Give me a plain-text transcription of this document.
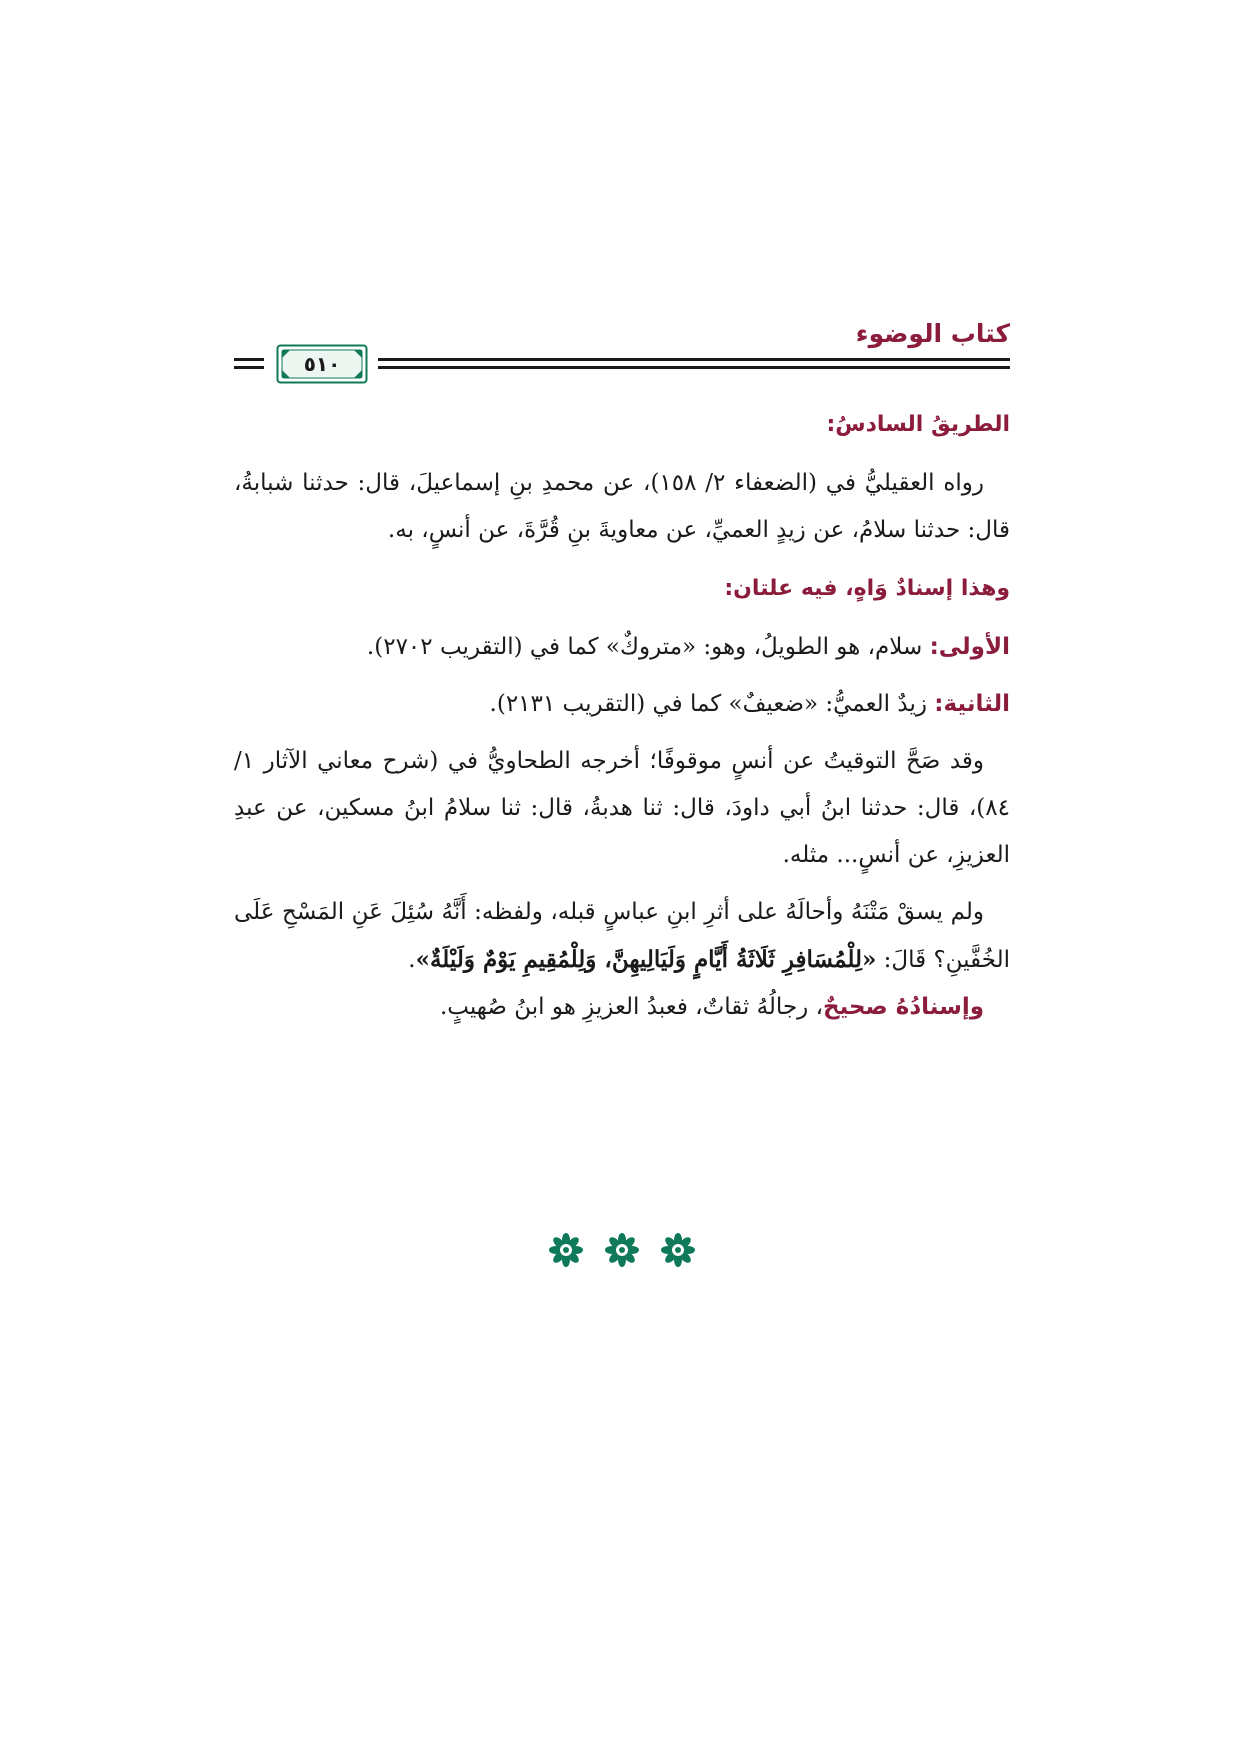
كتاب الوضوء
٥١٠

الطريقُ السادسُ:

رواه العقيليُّ في (الضعفاء ٢/ ١٥٨)، عن محمدِ بنِ إسماعيلَ، قال: حدثنا شبابةُ، قال: حدثنا سلامُ، عن زيدٍ العميِّ، عن معاويةَ بنِ قُرَّةَ، عن أنسٍ، به.

وهذا إسنادٌ وَاهٍ، فيه علتان:

الأولى: سلام، هو الطويلُ، وهو: «متروكٌ» كما في (التقريب ٢٧٠٢).

الثانية: زيدٌ العميُّ: «ضعيفٌ» كما في (التقريب ٢١٣١).

وقد صَحَّ التوقيتُ عن أنسٍ موقوفًا؛ أخرجه الطحاويُّ في (شرح معاني الآثار ١/ ٨٤)، قال: حدثنا ابنُ أبي داودَ، قال: ثنا هدبةُ، قال: ثنا سلامُ ابنُ مسكين، عن عبدِ العزيزِ، عن أنسٍ... مثله.

ولم يسقْ مَتْنَهُ وأحالَهُ على أثرِ ابنِ عباسٍ قبله، ولفظه: أَنَّهُ سُئِلَ عَنِ المَسْحِ عَلَى الخُفَّينِ؟ قَالَ: «لِلْمُسَافِرِ ثَلَاثَةُ أَيَّامٍ وَلَيَالِيهِنَّ، وَلِلْمُقِيمِ يَوْمٌ وَلَيْلَةٌ».

وإسنادُهُ صحيحٌ، رجالُهُ ثقاتٌ، فعبدُ العزيزِ هو ابنُ صُهيبٍ.
